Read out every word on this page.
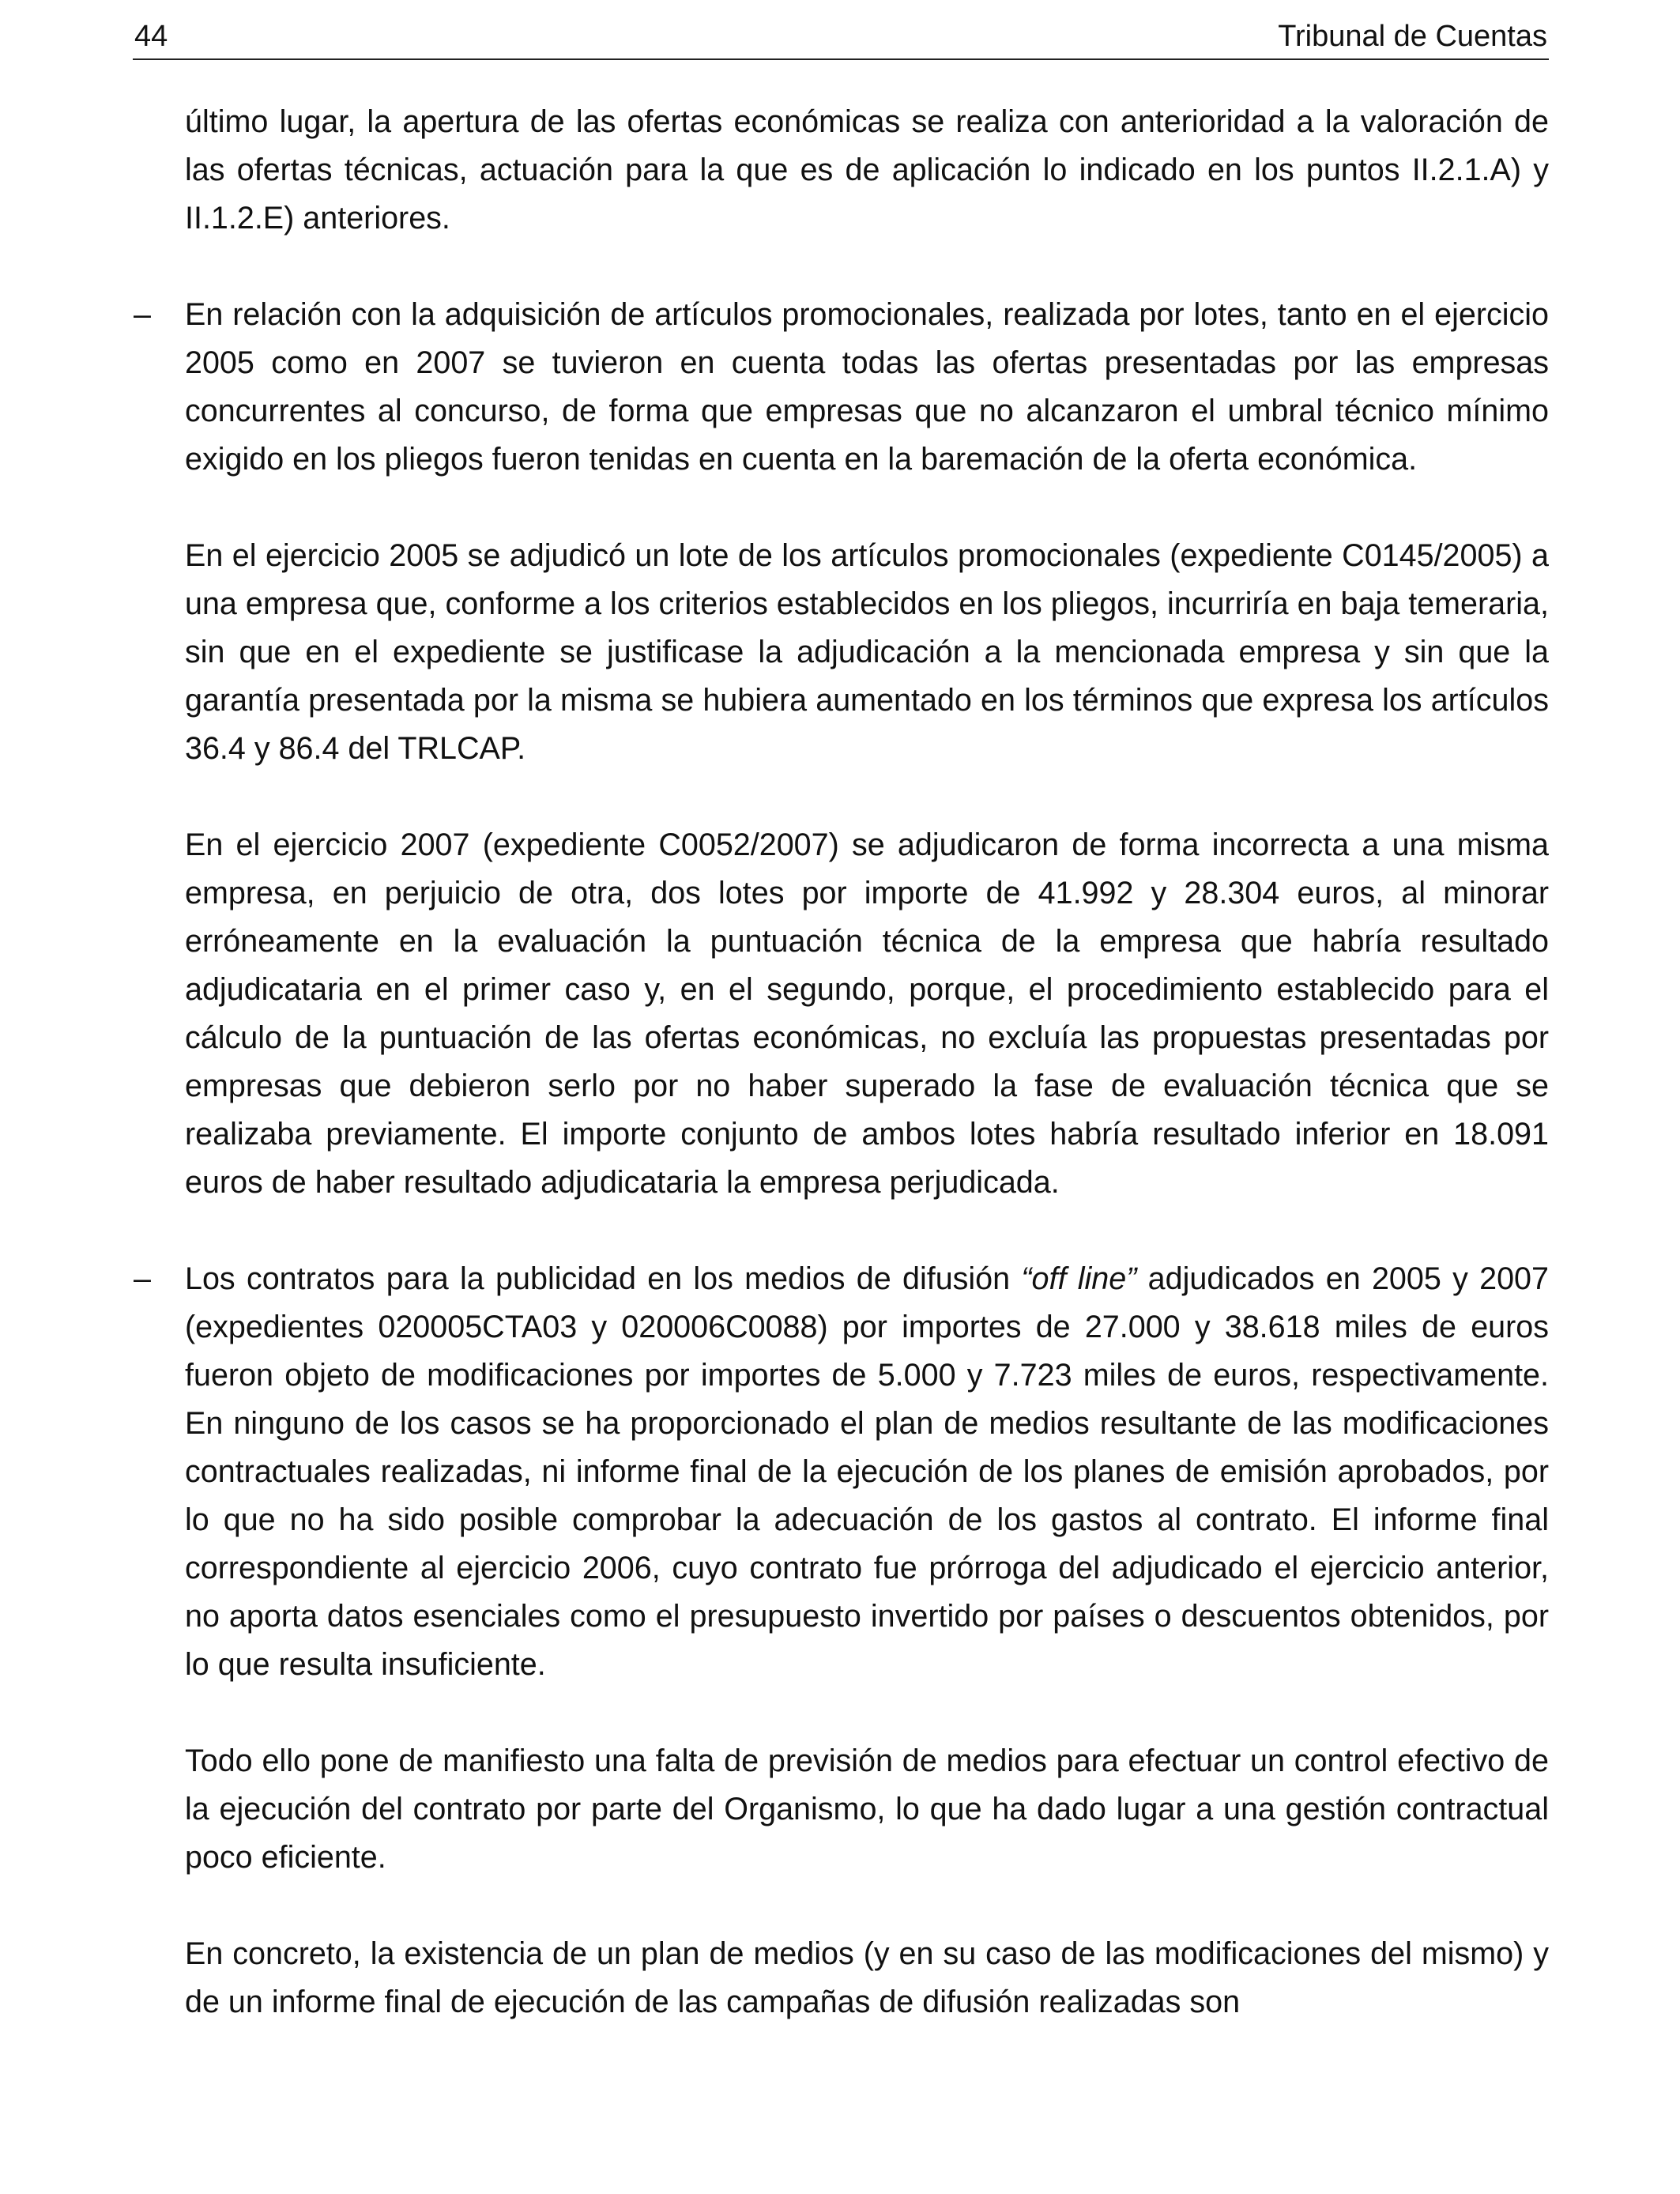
44	Tribunal de Cuentas

último lugar, la apertura de las ofertas económicas se realiza con anterioridad a la valoración de las ofertas técnicas, actuación para la que es de aplicación lo indicado en los puntos II.2.1.A) y II.1.2.E) anteriores.

– En relación con la adquisición de artículos promocionales, realizada por lotes, tanto en el ejercicio 2005 como en 2007 se tuvieron en cuenta todas las ofertas presentadas por las empresas concurrentes al concurso, de forma que empresas que no alcanzaron el umbral técnico mínimo exigido en los pliegos fueron tenidas en cuenta en la baremación de la oferta económica.

En el ejercicio 2005 se adjudicó un lote de los artículos promocionales (expediente C0145/2005) a una empresa que, conforme a los criterios establecidos en los pliegos, incurriría en baja temeraria, sin que en el expediente se justificase la adjudicación a la mencionada empresa y sin que la garantía presentada por la misma se hubiera aumentado en los términos que expresa los artículos 36.4 y 86.4 del TRLCAP.

En el ejercicio 2007 (expediente C0052/2007) se adjudicaron de forma incorrecta a una misma empresa, en perjuicio de otra, dos lotes por importe de 41.992 y 28.304 euros, al minorar erróneamente en la evaluación la puntuación técnica de la empresa que habría resultado adjudicataria en el primer caso y, en el segundo, porque, el procedimiento establecido para el cálculo de la puntuación de las ofertas económicas, no excluía las propuestas presentadas por empresas que debieron serlo por no haber superado la fase de evaluación técnica que se realizaba previamente. El importe conjunto de ambos lotes habría resultado inferior en 18.091 euros de haber resultado adjudicataria la empresa perjudicada.

– Los contratos para la publicidad en los medios de difusión “off line” adjudicados en 2005 y 2007 (expedientes 020005CTA03 y 020006C0088) por importes de 27.000 y 38.618 miles de euros fueron objeto de modificaciones por importes de 5.000 y 7.723 miles de euros, respectivamente. En ninguno de los casos se ha proporcionado el plan de medios resultante de las modificaciones contractuales realizadas, ni informe final de la ejecución de los planes de emisión aprobados, por lo que no ha sido posible comprobar la adecuación de los gastos al contrato. El informe final correspondiente al ejercicio 2006, cuyo contrato fue prórroga del adjudicado el ejercicio anterior, no aporta datos esenciales como el presupuesto invertido por países o descuentos obtenidos, por lo que resulta insuficiente.

Todo ello pone de manifiesto una falta de previsión de medios para efectuar un control efectivo de la ejecución del contrato por parte del Organismo, lo que ha dado lugar a una gestión contractual poco eficiente.

En concreto, la existencia de un plan de medios (y en su caso de las modificaciones del mismo) y de un informe final de ejecución de las campañas de difusión realizadas son
